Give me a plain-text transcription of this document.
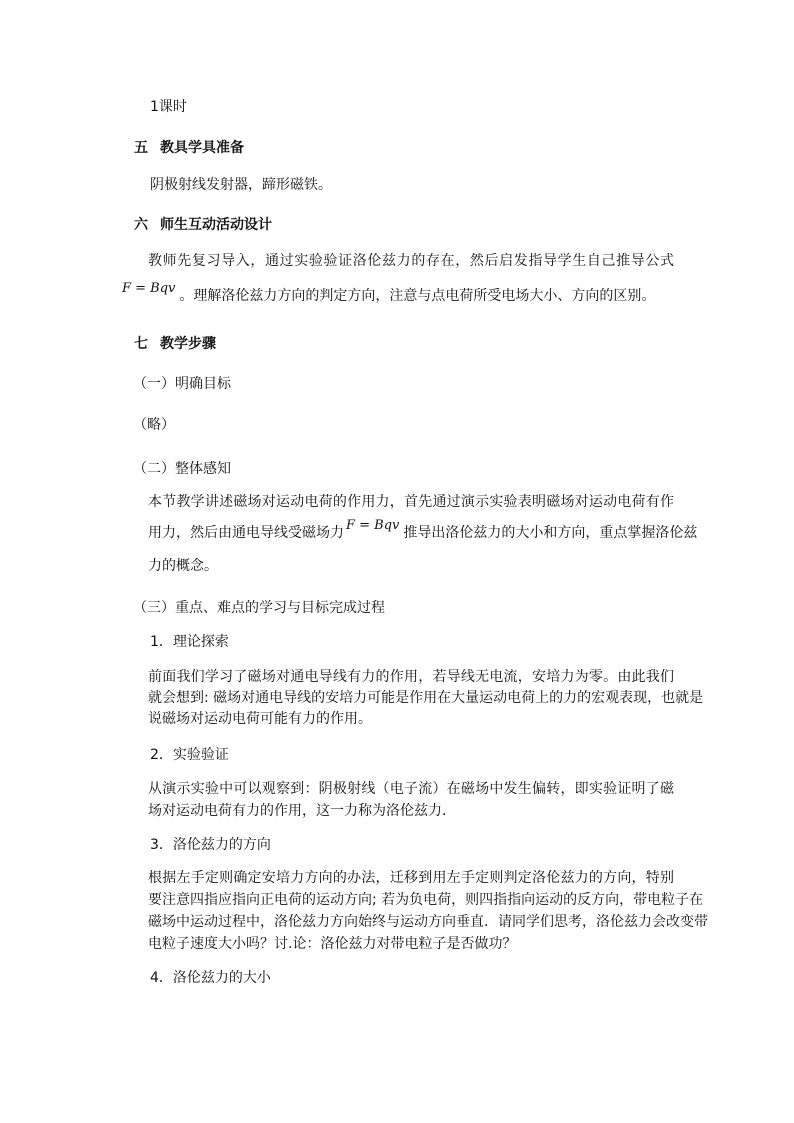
1课时
五 教具学具准备
阴极射线发射器，蹄形磁铁。
六 师生互动活动设计
教师先复习导入，通过实验验证洛伦兹力的存在，然后启发指导学生自己推导公式
F = Bqv 。理解洛伦兹力方向的判定方向，注意与点电荷所受电场大小、方向的区别。
七 教学步骤
（一）明确目标
（略）
（二）整体感知
本节教学讲述磁场对运动电荷的作用力，首先通过演示实验表明磁场对运动电荷有作
用力，然后由通电导线受磁场力 F = Bqv 推导出洛伦兹力的大小和方向，重点掌握洛伦兹
力的概念。
（三）重点、难点的学习与目标完成过程
1．理论探索
前面我们学习了磁场对通电导线有力的作用，若导线无电流，安培力为零。由此我们
就会想到: 磁场对通电导线的安培力可能是作用在大量运动电荷上的力的宏观表现，也就是
说磁场对运动电荷可能有力的作用。
2．实验验证
从演示实验中可以观察到：阴极射线（电子流）在磁场中发生偏转，即实验证明了磁
场对运动电荷有力的作用，这一力称为洛伦兹力．
3．洛伦兹力的方向
根据左手定则确定安培力方向的办法，迁移到用左手定则判定洛伦兹力的方向，特别
要注意四指应指向正电荷的运动方向; 若为负电荷，则四指指向运动的反方向，带电粒子在
磁场中运动过程中，洛伦兹力方向始终与运动方向垂直．请同学们思考，洛伦兹力会改变带
电粒子速度大小吗？讨.论：洛伦兹力对带电粒子是否做功？
4．洛伦兹力的大小
